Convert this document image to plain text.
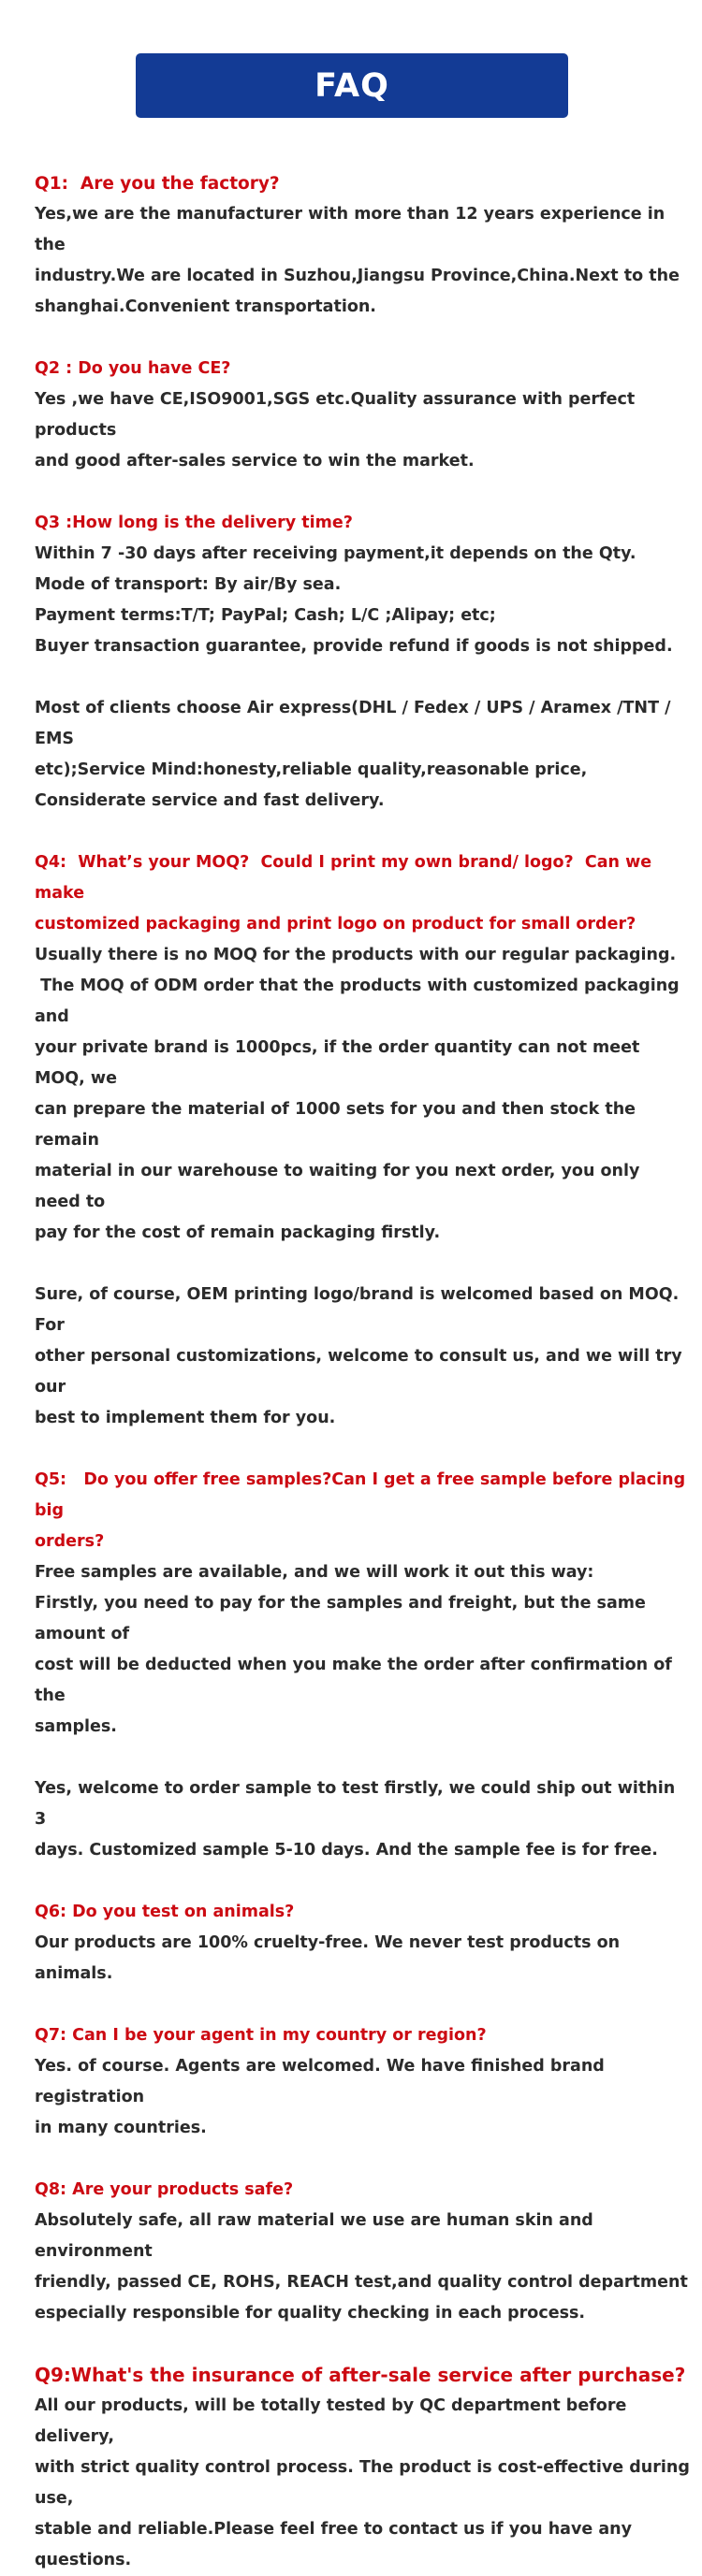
FAQ

Q1:  Are you the factory?

Yes,we are the manufacturer with more than 12 years experience in the

industry.We are located in Suzhou,Jiangsu Province,China.Next to the

shanghai.Convenient transportation.

Q2 : Do you have CE?

Yes ,we have CE,ISO9001,SGS etc.Quality assurance with perfect products

and good after-sales service to win the market.

Q3 :How long is the delivery time?

Within 7 -30 days after receiving payment,it depends on the Qty.

Mode of transport: By air/By sea.

Payment terms:T/T; PayPal; Cash; L/C ;Alipay; etc;

Buyer transaction guarantee, provide refund if goods is not shipped.

Most of clients choose Air express(DHL / Fedex / UPS / Aramex /TNT / EMS

etc);Service Mind:honesty,reliable quality,reasonable price,

Considerate service and fast delivery.

Q4:  What’s your MOQ?  Could I print my own brand/ logo?  Can we make

customized packaging and print logo on product for small order?

Usually there is no MOQ for the products with our regular packaging.

The MOQ of ODM order that the products with customized packaging and

your private brand is 1000pcs, if the order quantity can not meet MOQ, we

can prepare the material of 1000 sets for you and then stock the remain

material in our warehouse to waiting for you next order, you only need to

pay for the cost of remain packaging firstly.

Sure, of course, OEM printing logo/brand is welcomed based on MOQ. For

other personal customizations, welcome to consult us, and we will try our

best to implement them for you.

Q5:   Do you offer free samples?Can I get a free sample before placing big

orders?

Free samples are available, and we will work it out this way:

Firstly, you need to pay for the samples and freight, but the same amount of

cost will be deducted when you make the order after confirmation of the

samples.

Yes, welcome to order sample to test firstly, we could ship out within 3

days. Customized sample 5-10 days. And the sample fee is for free.

Q6: Do you test on animals?

Our products are 100% cruelty-free. We never test products on animals.

Q7: Can I be your agent in my country or region?

Yes. of course. Agents are welcomed. We have finished brand registration

in many countries.

Q8: Are your products safe?

Absolutely safe, all raw material we use are human skin and environment

friendly, passed CE, ROHS, REACH test,and quality control department

especially responsible for quality checking in each process.

Q9:What's the insurance of after-sale service after purchase?

All our products, will be totally tested by QC department before delivery,

with strict quality control process. The product is cost-effective during use,

stable and reliable.Please feel free to contact us if you have any questions.
